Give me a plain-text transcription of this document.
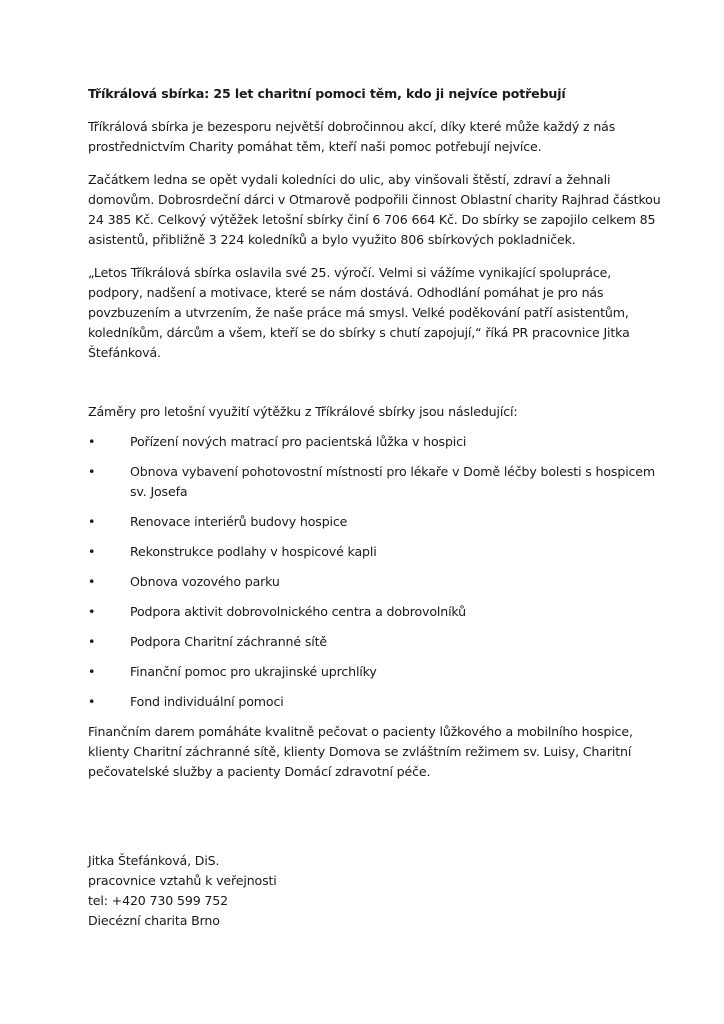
Tříkrálová sbírka: 25 let charitní pomoci těm, kdo ji nejvíce potřebují

Tříkrálová sbírka je bezesporu největší dobročinnou akcí, díky které může každý z nás prostřednictvím Charity pomáhat těm, kteří naši pomoc potřebují nejvíce.

Začátkem ledna se opět vydali koledníci do ulic, aby vinšovali štěstí, zdraví a žehnali domovům. Dobrosrdeční dárci v Otmarově podpořili činnost Oblastní charity Rajhrad částkou 24 385 Kč. Celkový výtěžek letošní sbírky činí 6 706 664 Kč. Do sbírky se zapojilo celkem 85 asistentů, přibližně 3 224 koledníků a bylo využito 806 sbírkových pokladniček.

„Letos Tříkrálová sbírka oslavila své 25. výročí. Velmi si vážíme vynikající spolupráce, podpory, nadšení a motivace, které se nám dostává. Odhodlání pomáhat je pro nás povzbuzením a utvrzením, že naše práce má smysl. Velké poděkování patří asistentům, koledníkům, dárcům a všem, kteří se do sbírky s chutí zapojují,“ říká PR pracovnice Jitka Štefánková.

Záměry pro letošní využití výtěžku z Tříkrálové sbírky jsou následující:

•	Pořízení nových matrací pro pacientská lůžka v hospici
•	Obnova vybavení pohotovostní místnosti pro lékaře v Domě léčby bolesti s hospicem sv. Josefa
•	Renovace interiérů budovy hospice
•	Rekonstrukce podlahy v hospicové kapli
•	Obnova vozového parku
•	Podpora aktivit dobrovolnického centra a dobrovolníků
•	Podpora Charitní záchranné sítě
•	Finanční pomoc pro ukrajinské uprchlíky
•	Fond individuální pomoci

Finančním darem pomáháte kvalitně pečovat o pacienty lůžkového a mobilního hospice, klienty Charitní záchranné sítě, klienty Domova se zvláštním režimem sv. Luisy, Charitní pečovatelské služby a pacienty Domácí zdravotní péče.

Jitka Štefánková, DiS.
pracovnice vztahů k veřejnosti
tel: +420 730 599 752
Diecézní charita Brno
